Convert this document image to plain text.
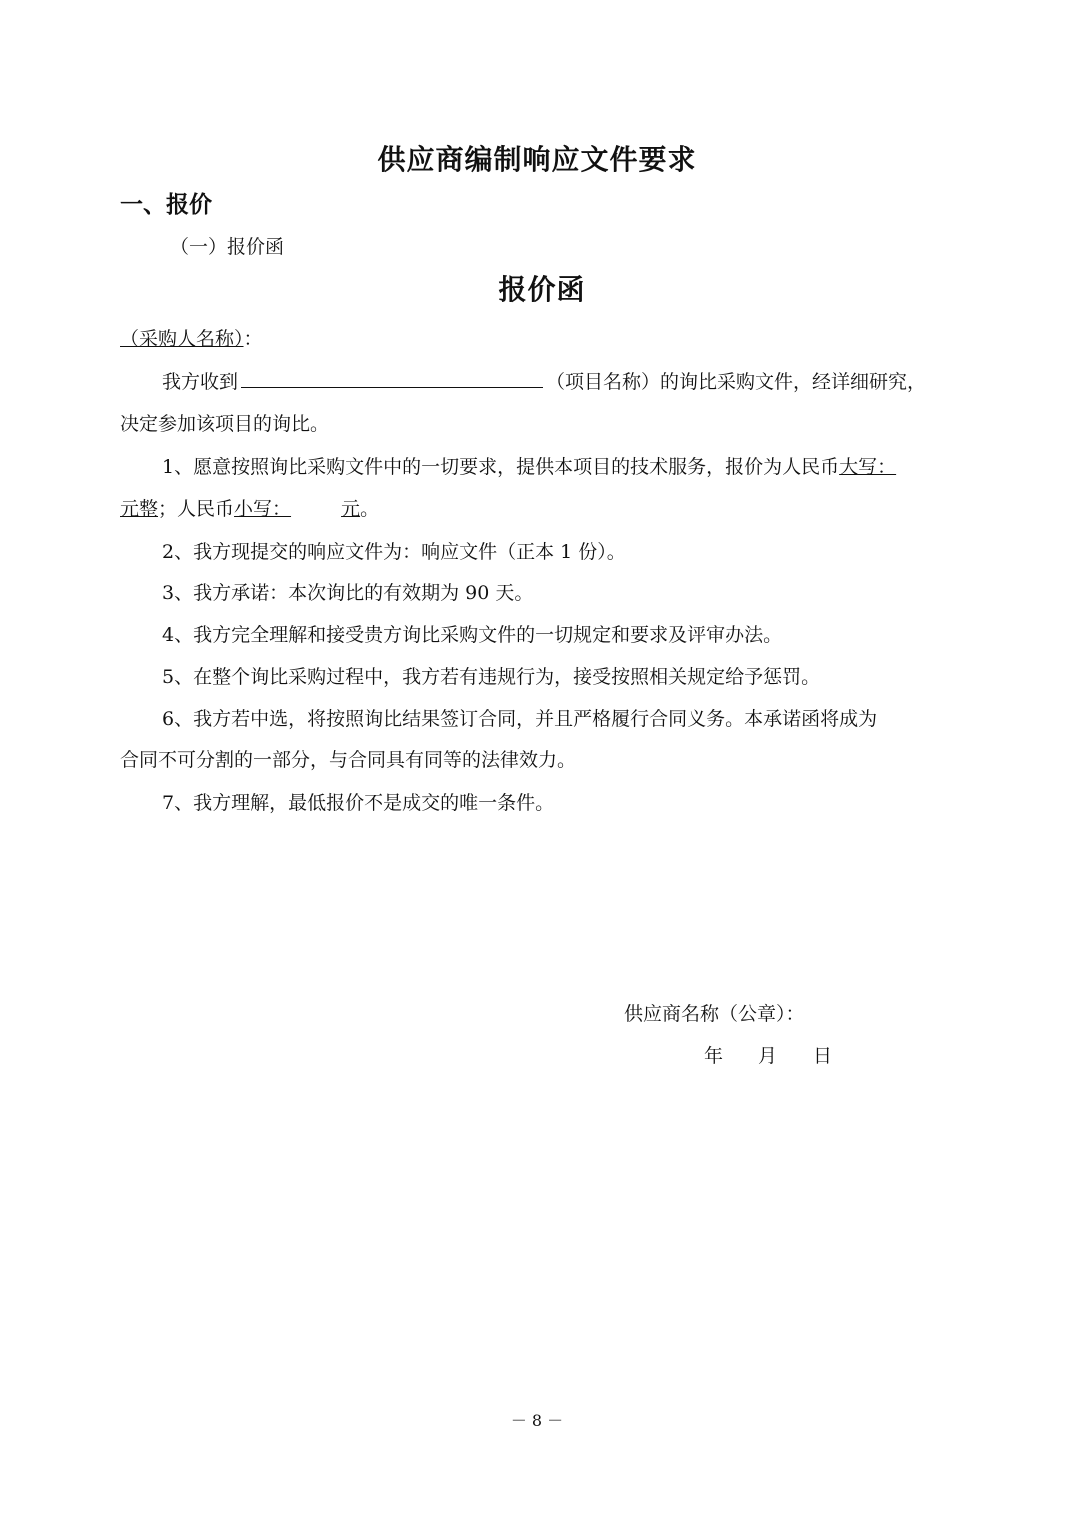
供应商编制响应文件要求
一、报价
（一）报价函
报价函
（采购人名称）：
我方收到	（项目名称）的询比采购文件，经详细研究，
决定参加该项目的询比。
1、愿意按照询比采购文件中的一切要求，提供本项目的技术服务，报价为人民币大写：
元整；人民币小写：	元。
2、我方现提交的响应文件为：响应文件（正本 1 份）。
3、我方承诺：本次询比的有效期为 90 天。
4、我方完全理解和接受贵方询比采购文件的一切规定和要求及评审办法。
5、在整个询比采购过程中，我方若有违规行为，接受按照相关规定给予惩罚。
6、我方若中选，将按照询比结果签订合同，并且严格履行合同义务。本承诺函将成为
合同不可分割的一部分，与合同具有同等的法律效力。
7、我方理解，最低报价不是成交的唯一条件。
供应商名称（公章）：
年 月 日
－ 8 －
